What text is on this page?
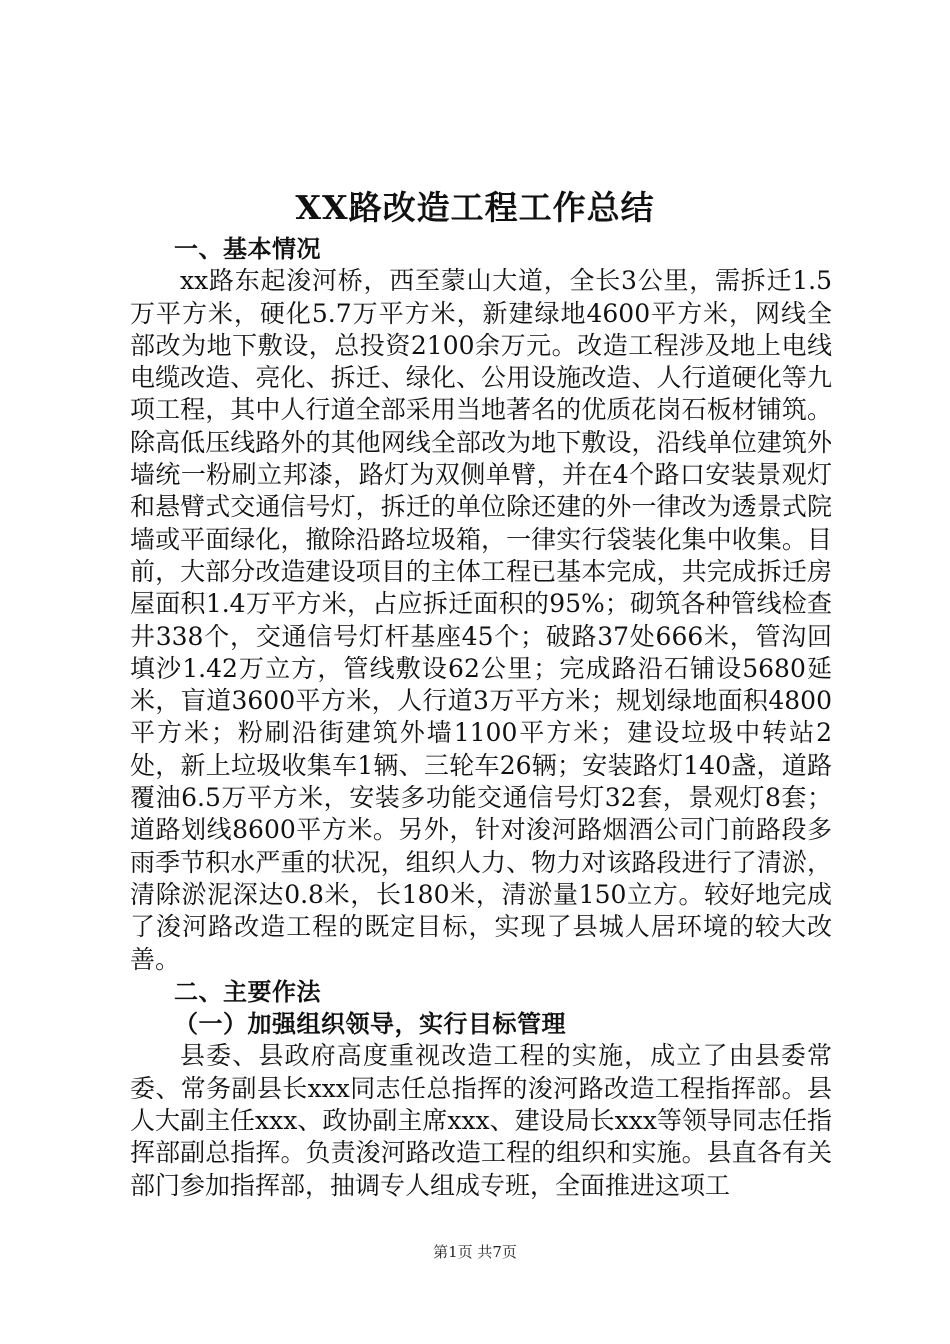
XX路改造工程工作总结

一、基本情况

xx路东起浚河桥，西至蒙山大道，全长3公里，需拆迁1.5万平方米，硬化5.7万平方米，新建绿地4600平方米，网线全部改为地下敷设，总投资2100余万元。改造工程涉及地上电线电缆改造、亮化、拆迁、绿化、公用设施改造、人行道硬化等九项工程，其中人行道全部采用当地著名的优质花岗石板材铺筑。除高低压线路外的其他网线全部改为地下敷设，沿线单位建筑外墙统一粉刷立邦漆，路灯为双侧单臂，并在4个路口安装景观灯和悬臂式交通信号灯，拆迁的单位除还建的外一律改为透景式院墙或平面绿化，撤除沿路垃圾箱，一律实行袋装化集中收集。目前，大部分改造建设项目的主体工程已基本完成，共完成拆迁房屋面积1.4万平方米，占应拆迁面积的95%；砌筑各种管线检查井338个，交通信号灯杆基座45个；破路37处666米，管沟回填沙1.42万立方，管线敷设62公里；完成路沿石铺设5680延米，盲道3600平方米，人行道3万平方米；规划绿地面积4800平方米；粉刷沿街建筑外墙1100平方米；建设垃圾中转站2处，新上垃圾收集车1辆、三轮车26辆；安装路灯140盏，道路覆油6.5万平方米，安装多功能交通信号灯32套，景观灯8套；道路划线8600平方米。另外，针对浚河路烟酒公司门前路段多雨季节积水严重的状况，组织人力、物力对该路段进行了清淤，清除淤泥深达0.8米，长180米，清淤量150立方。较好地完成了浚河路改造工程的既定目标，实现了县城人居环境的较大改善。

二、主要作法

（一）加强组织领导，实行目标管理

县委、县政府高度重视改造工程的实施，成立了由县委常委、常务副县长xxx同志任总指挥的浚河路改造工程指挥部。县人大副主任xxx、政协副主席xxx、建设局长xxx等领导同志任指挥部副总指挥。负责浚河路改造工程的组织和实施。县直各有关部门参加指挥部，抽调专人组成专班，全面推进这项工

第1页 共7页
